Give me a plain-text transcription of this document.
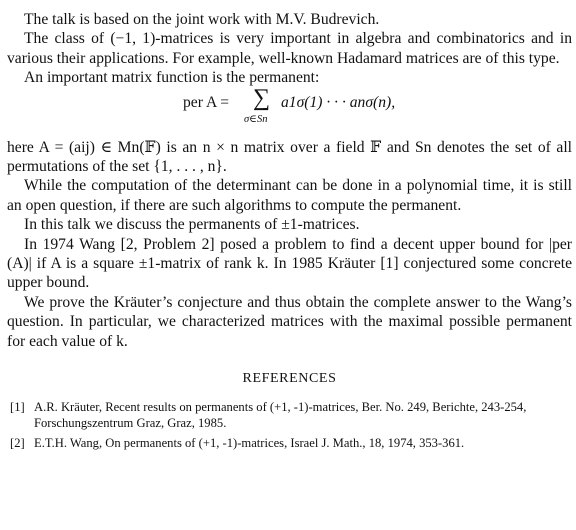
The talk is based on the joint work with M.V. Budrevich.

The class of (−1, 1)-matrices is very important in algebra and combinatorics and in various their applications. For example, well-known Hadamard matrices are of this type.

An important matrix function is the permanent:

per A = ∑
σ∈Sn
a1σ(1) · · · anσ(n),

here A = (aij) ∈ Mn(𝔽) is an n × n matrix over a field 𝔽 and Sn denotes the set of all permutations of the set {1, . . . , n}.

While the computation of the determinant can be done in a polynomial time, it is still an open question, if there are such algorithms to compute the permanent.

In this talk we discuss the permanents of ±1-matrices.

In 1974 Wang [2, Problem 2] posed a problem to find a decent upper bound for |per (A)| if A is a square ±1-matrix of rank k. In 1985 Kräuter [1] conjectured some concrete upper bound.

We prove the Kräuter’s conjecture and thus obtain the complete answer to the Wang’s question. In particular, we characterized matrices with the maximal possible permanent for each value of k.

REFERENCES
[1] A.R. Kräuter, Recent results on permanents of (+1, -1)-matrices, Ber. No. 249, Berichte, 243-254, Forschungszentrum Graz, Graz, 1985.
[2] E.T.H. Wang, On permanents of (+1, -1)-matrices, Israel J. Math., 18, 1974, 353-361.
